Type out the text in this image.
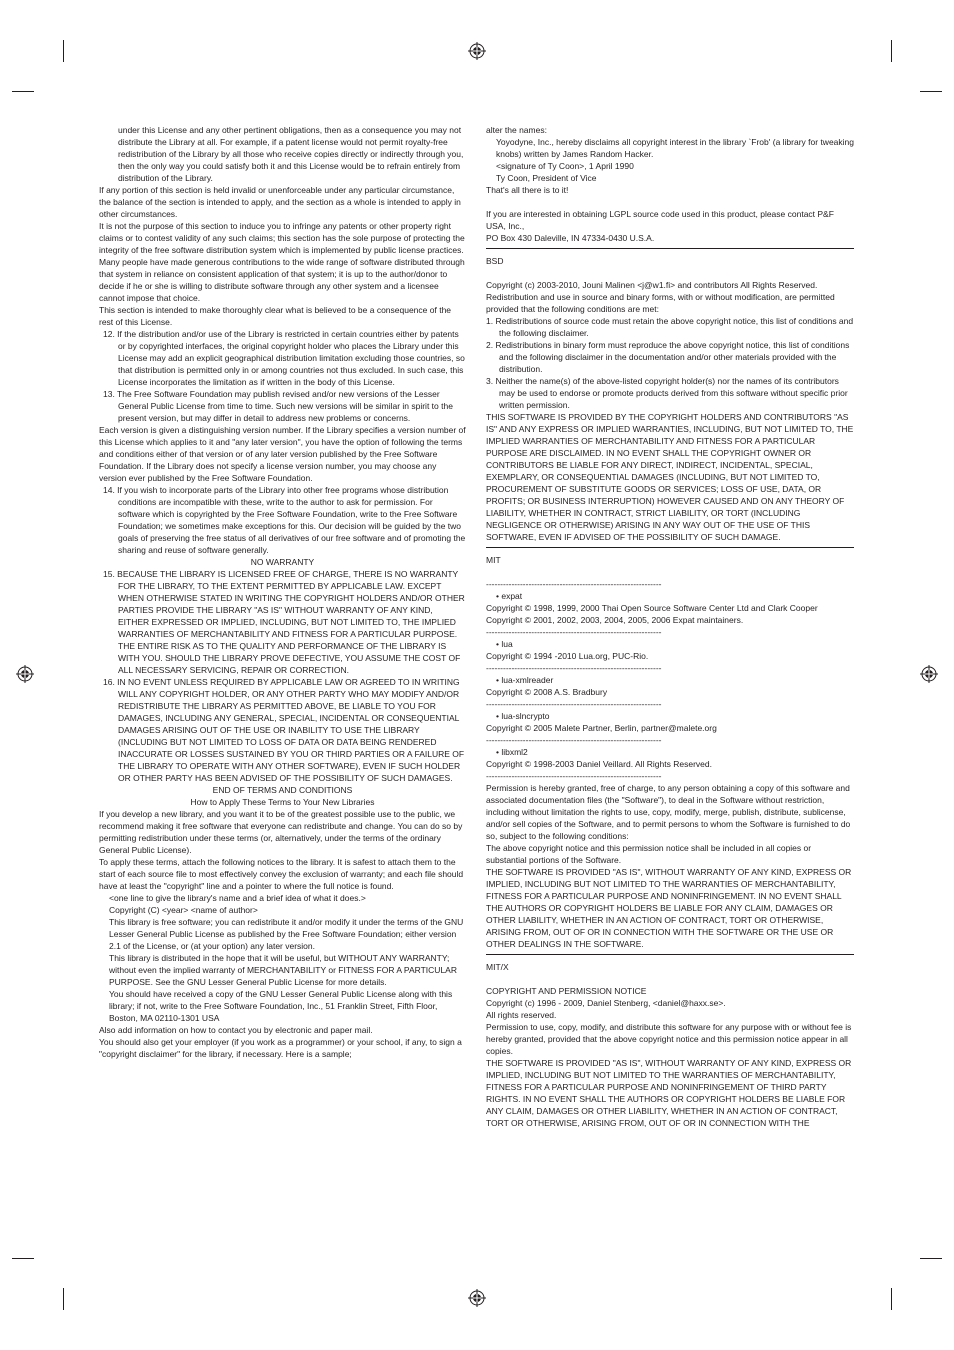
under this License and any other pertinent obligations, then as a consequence you may not distribute the Library at all. For example, if a patent license would not permit royalty-free redistribution of the Library by all those who receive copies directly or indirectly through you, then the only way you could satisfy both it and this License would be to refrain entirely from distribution of the Library.
If any portion of this section is held invalid or unenforceable under any particular circumstance, the balance of the section is intended to apply, and the section as a whole is intended to apply in other circumstances.
It is not the purpose of this section to induce you to infringe any patents or other property right claims or to contest validity of any such claims; this section has the sole purpose of protecting the integrity of the free software distribution system which is implemented by public license practices. Many people have made generous contributions to the wide range of software distributed through that system in reliance on consistent application of that system; it is up to the author/donor to decide if he or she is willing to distribute software through any other system and a licensee cannot impose that choice.
This section is intended to make thoroughly clear what is believed to be a consequence of the rest of this License.
12. If the distribution and/or use of the Library is restricted in certain countries either by patents or by copyrighted interfaces, the original copyright holder who places the Library under this License may add an explicit geographical distribution limitation excluding those countries, so that distribution is permitted only in or among countries not thus excluded. In such case, this License incorporates the limitation as if written in the body of this License.
13. The Free Software Foundation may publish revised and/or new versions of the Lesser General Public License from time to time. Such new versions will be similar in spirit to the present version, but may differ in detail to address new problems or concerns.
Each version is given a distinguishing version number. If the Library specifies a version number of this License which applies to it and "any later version", you have the option of following the terms and conditions either of that version or of any later version published by the Free Software Foundation. If the Library does not specify a license version number, you may choose any version ever published by the Free Software Foundation.
14. If you wish to incorporate parts of the Library into other free programs whose distribution conditions are incompatible with these, write to the author to ask for permission. For software which is copyrighted by the Free Software Foundation, write to the Free Software Foundation; we sometimes make exceptions for this. Our decision will be guided by the two goals of preserving the free status of all derivatives of our free software and of promoting the sharing and reuse of software generally.
NO WARRANTY
15. BECAUSE THE LIBRARY IS LICENSED FREE OF CHARGE, THERE IS NO WARRANTY FOR THE LIBRARY, TO THE EXTENT PERMITTED BY APPLICABLE LAW. EXCEPT WHEN OTHERWISE STATED IN WRITING THE COPYRIGHT HOLDERS AND/OR OTHER PARTIES PROVIDE THE LIBRARY "AS IS" WITHOUT WARRANTY OF ANY KIND, EITHER EXPRESSED OR IMPLIED, INCLUDING, BUT NOT LIMITED TO, THE IMPLIED WARRANTIES OF MERCHANTABILITY AND FITNESS FOR A PARTICULAR PURPOSE. THE ENTIRE RISK AS TO THE QUALITY AND PERFORMANCE OF THE LIBRARY IS WITH YOU. SHOULD THE LIBRARY PROVE DEFECTIVE, YOU ASSUME THE COST OF ALL NECESSARY SERVICING, REPAIR OR CORRECTION.
16. IN NO EVENT UNLESS REQUIRED BY APPLICABLE LAW OR AGREED TO IN WRITING WILL ANY COPYRIGHT HOLDER, OR ANY OTHER PARTY WHO MAY MODIFY AND/OR REDISTRIBUTE THE LIBRARY AS PERMITTED ABOVE, BE LIABLE TO YOU FOR DAMAGES, INCLUDING ANY GENERAL, SPECIAL, INCIDENTAL OR CONSEQUENTIAL DAMAGES ARISING OUT OF THE USE OR INABILITY TO USE THE LIBRARY (INCLUDING BUT NOT LIMITED TO LOSS OF DATA OR DATA BEING RENDERED INACCURATE OR LOSSES SUSTAINED BY YOU OR THIRD PARTIES OR A FAILURE OF THE LIBRARY TO OPERATE WITH ANY OTHER SOFTWARE), EVEN IF SUCH HOLDER OR OTHER PARTY HAS BEEN ADVISED OF THE POSSIBILITY OF SUCH DAMAGES.
END OF TERMS AND CONDITIONS
How to Apply These Terms to Your New Libraries
If you develop a new library, and you want it to be of the greatest possible use to the public, we recommend making it free software that everyone can redistribute and change. You can do so by permitting redistribution under these terms (or, alternatively, under the terms of the ordinary General Public License).
To apply these terms, attach the following notices to the library. It is safest to attach them to the start of each source file to most effectively convey the exclusion of warranty; and each file should have at least the "copyright" line and a pointer to where the full notice is found.
<one line to give the library's name and a brief idea of what it does.>
Copyright (C) <year> <name of author>
This library is free software; you can redistribute it and/or modify it under the terms of the GNU Lesser General Public License as published by the Free Software Foundation; either version 2.1 of the License, or (at your option) any later version.
This library is distributed in the hope that it will be useful, but WITHOUT ANY WARRANTY; without even the implied warranty of MERCHANTABILITY or FITNESS FOR A PARTICULAR PURPOSE. See the GNU Lesser General Public License for more details.
You should have received a copy of the GNU Lesser General Public License along with this library; if not, write to the Free Software Foundation, Inc., 51 Franklin Street, Fifth Floor, Boston, MA 02110-1301 USA
Also add information on how to contact you by electronic and paper mail.
You should also get your employer (if you work as a programmer) or your school, if any, to sign a "copyright disclaimer" for the library, if necessary. Here is a sample;
alter the names:
Yoyodyne, Inc., hereby disclaims all copyright interest in the library `Frob' (a library for tweaking knobs) written by James Random Hacker.
<signature of Ty Coon>, 1 April 1990
Ty Coon, President of Vice
That's all there is to it!
If you are interested in obtaining LGPL source code used in this product, please contact P&F USA, Inc.,
PO Box 430 Daleville, IN 47334-0430 U.S.A.
BSD
Copyright (c) 2003-2010, Jouni Malinen <j@w1.fi> and contributors All Rights Reserved.
Redistribution and use in source and binary forms, with or without modification, are permitted provided that the following conditions are met:
1. Redistributions of source code must retain the above copyright notice, this list of conditions and the following disclaimer.
2. Redistributions in binary form must reproduce the above copyright notice, this list of conditions and the following disclaimer in the documentation and/or other materials provided with the distribution.
3. Neither the name(s) of the above-listed copyright holder(s) nor the names of its contributors may be used to endorse or promote products derived from this software without specific prior written permission.
THIS SOFTWARE IS PROVIDED BY THE COPYRIGHT HOLDERS AND CONTRIBUTORS "AS IS" AND ANY EXPRESS OR IMPLIED WARRANTIES, INCLUDING, BUT NOT LIMITED TO, THE IMPLIED WARRANTIES OF MERCHANTABILITY AND FITNESS FOR A PARTICULAR PURPOSE ARE DISCLAIMED. IN NO EVENT SHALL THE COPYRIGHT OWNER OR CONTRIBUTORS BE LIABLE FOR ANY DIRECT, INDIRECT, INCIDENTAL, SPECIAL, EXEMPLARY, OR CONSEQUENTIAL DAMAGES (INCLUDING, BUT NOT LIMITED TO, PROCUREMENT OF SUBSTITUTE GOODS OR SERVICES; LOSS OF USE, DATA, OR PROFITS; OR BUSINESS INTERRUPTION) HOWEVER CAUSED AND ON ANY THEORY OF LIABILITY, WHETHER IN CONTRACT, STRICT LIABILITY, OR TORT (INCLUDING NEGLIGENCE OR OTHERWISE) ARISING IN ANY WAY OUT OF THE USE OF THIS SOFTWARE, EVEN IF ADVISED OF THE POSSIBILITY OF SUCH DAMAGE.
MIT
--------------------------------------------------------------
• expat
Copyright © 1998, 1999, 2000 Thai Open Source Software Center Ltd and Clark Cooper
Copyright © 2001, 2002, 2003, 2004, 2005, 2006 Expat maintainers.
--------------------------------------------------------------
• lua
Copyright © 1994 -2010 Lua.org, PUC-Rio.
--------------------------------------------------------------
• lua-xmlreader
Copyright © 2008 A.S. Bradbury
--------------------------------------------------------------
• lua-slncrypto
Copyright © 2005 Malete Partner, Berlin, partner@malete.org
--------------------------------------------------------------
• libxml2
Copyright © 1998-2003 Daniel Veillard. All Rights Reserved.
--------------------------------------------------------------
Permission is hereby granted, free of charge, to any person obtaining a copy of this software and associated documentation files (the "Software"), to deal in the Software without restriction, including without limitation the rights to use, copy, modify, merge, publish, distribute, sublicense, and/or sell copies of the Software, and to permit persons to whom the Software is furnished to do so, subject to the following conditions:
The above copyright notice and this permission notice shall be included in all copies or substantial portions of the Software.
THE SOFTWARE IS PROVIDED "AS IS", WITHOUT WARRANTY OF ANY KIND, EXPRESS OR IMPLIED, INCLUDING BUT NOT LIMITED TO THE WARRANTIES OF MERCHANTABILITY, FITNESS FOR A PARTICULAR PURPOSE AND NONINFRINGEMENT. IN NO EVENT SHALL THE AUTHORS OR COPYRIGHT HOLDERS BE LIABLE FOR ANY CLAIM, DAMAGES OR OTHER LIABILITY, WHETHER IN AN ACTION OF CONTRACT, TORT OR OTHERWISE, ARISING FROM, OUT OF OR IN CONNECTION WITH THE SOFTWARE OR THE USE OR OTHER DEALINGS IN THE SOFTWARE.
MIT/X
COPYRIGHT AND PERMISSION NOTICE
Copyright (c) 1996 - 2009, Daniel Stenberg, <daniel@haxx.se>.
All rights reserved.
Permission to use, copy, modify, and distribute this software for any purpose with or without fee is hereby granted, provided that the above copyright notice and this permission notice appear in all copies.
THE SOFTWARE IS PROVIDED "AS IS", WITHOUT WARRANTY OF ANY KIND, EXPRESS OR IMPLIED, INCLUDING BUT NOT LIMITED TO THE WARRANTIES OF MERCHANTABILITY, FITNESS FOR A PARTICULAR PURPOSE AND NONINFRINGEMENT OF THIRD PARTY RIGHTS. IN NO EVENT SHALL THE AUTHORS OR COPYRIGHT HOLDERS BE LIABLE FOR ANY CLAIM, DAMAGES OR OTHER LIABILITY, WHETHER IN AN ACTION OF CONTRACT, TORT OR OTHERWISE, ARISING FROM, OUT OF OR IN CONNECTION WITH THE
